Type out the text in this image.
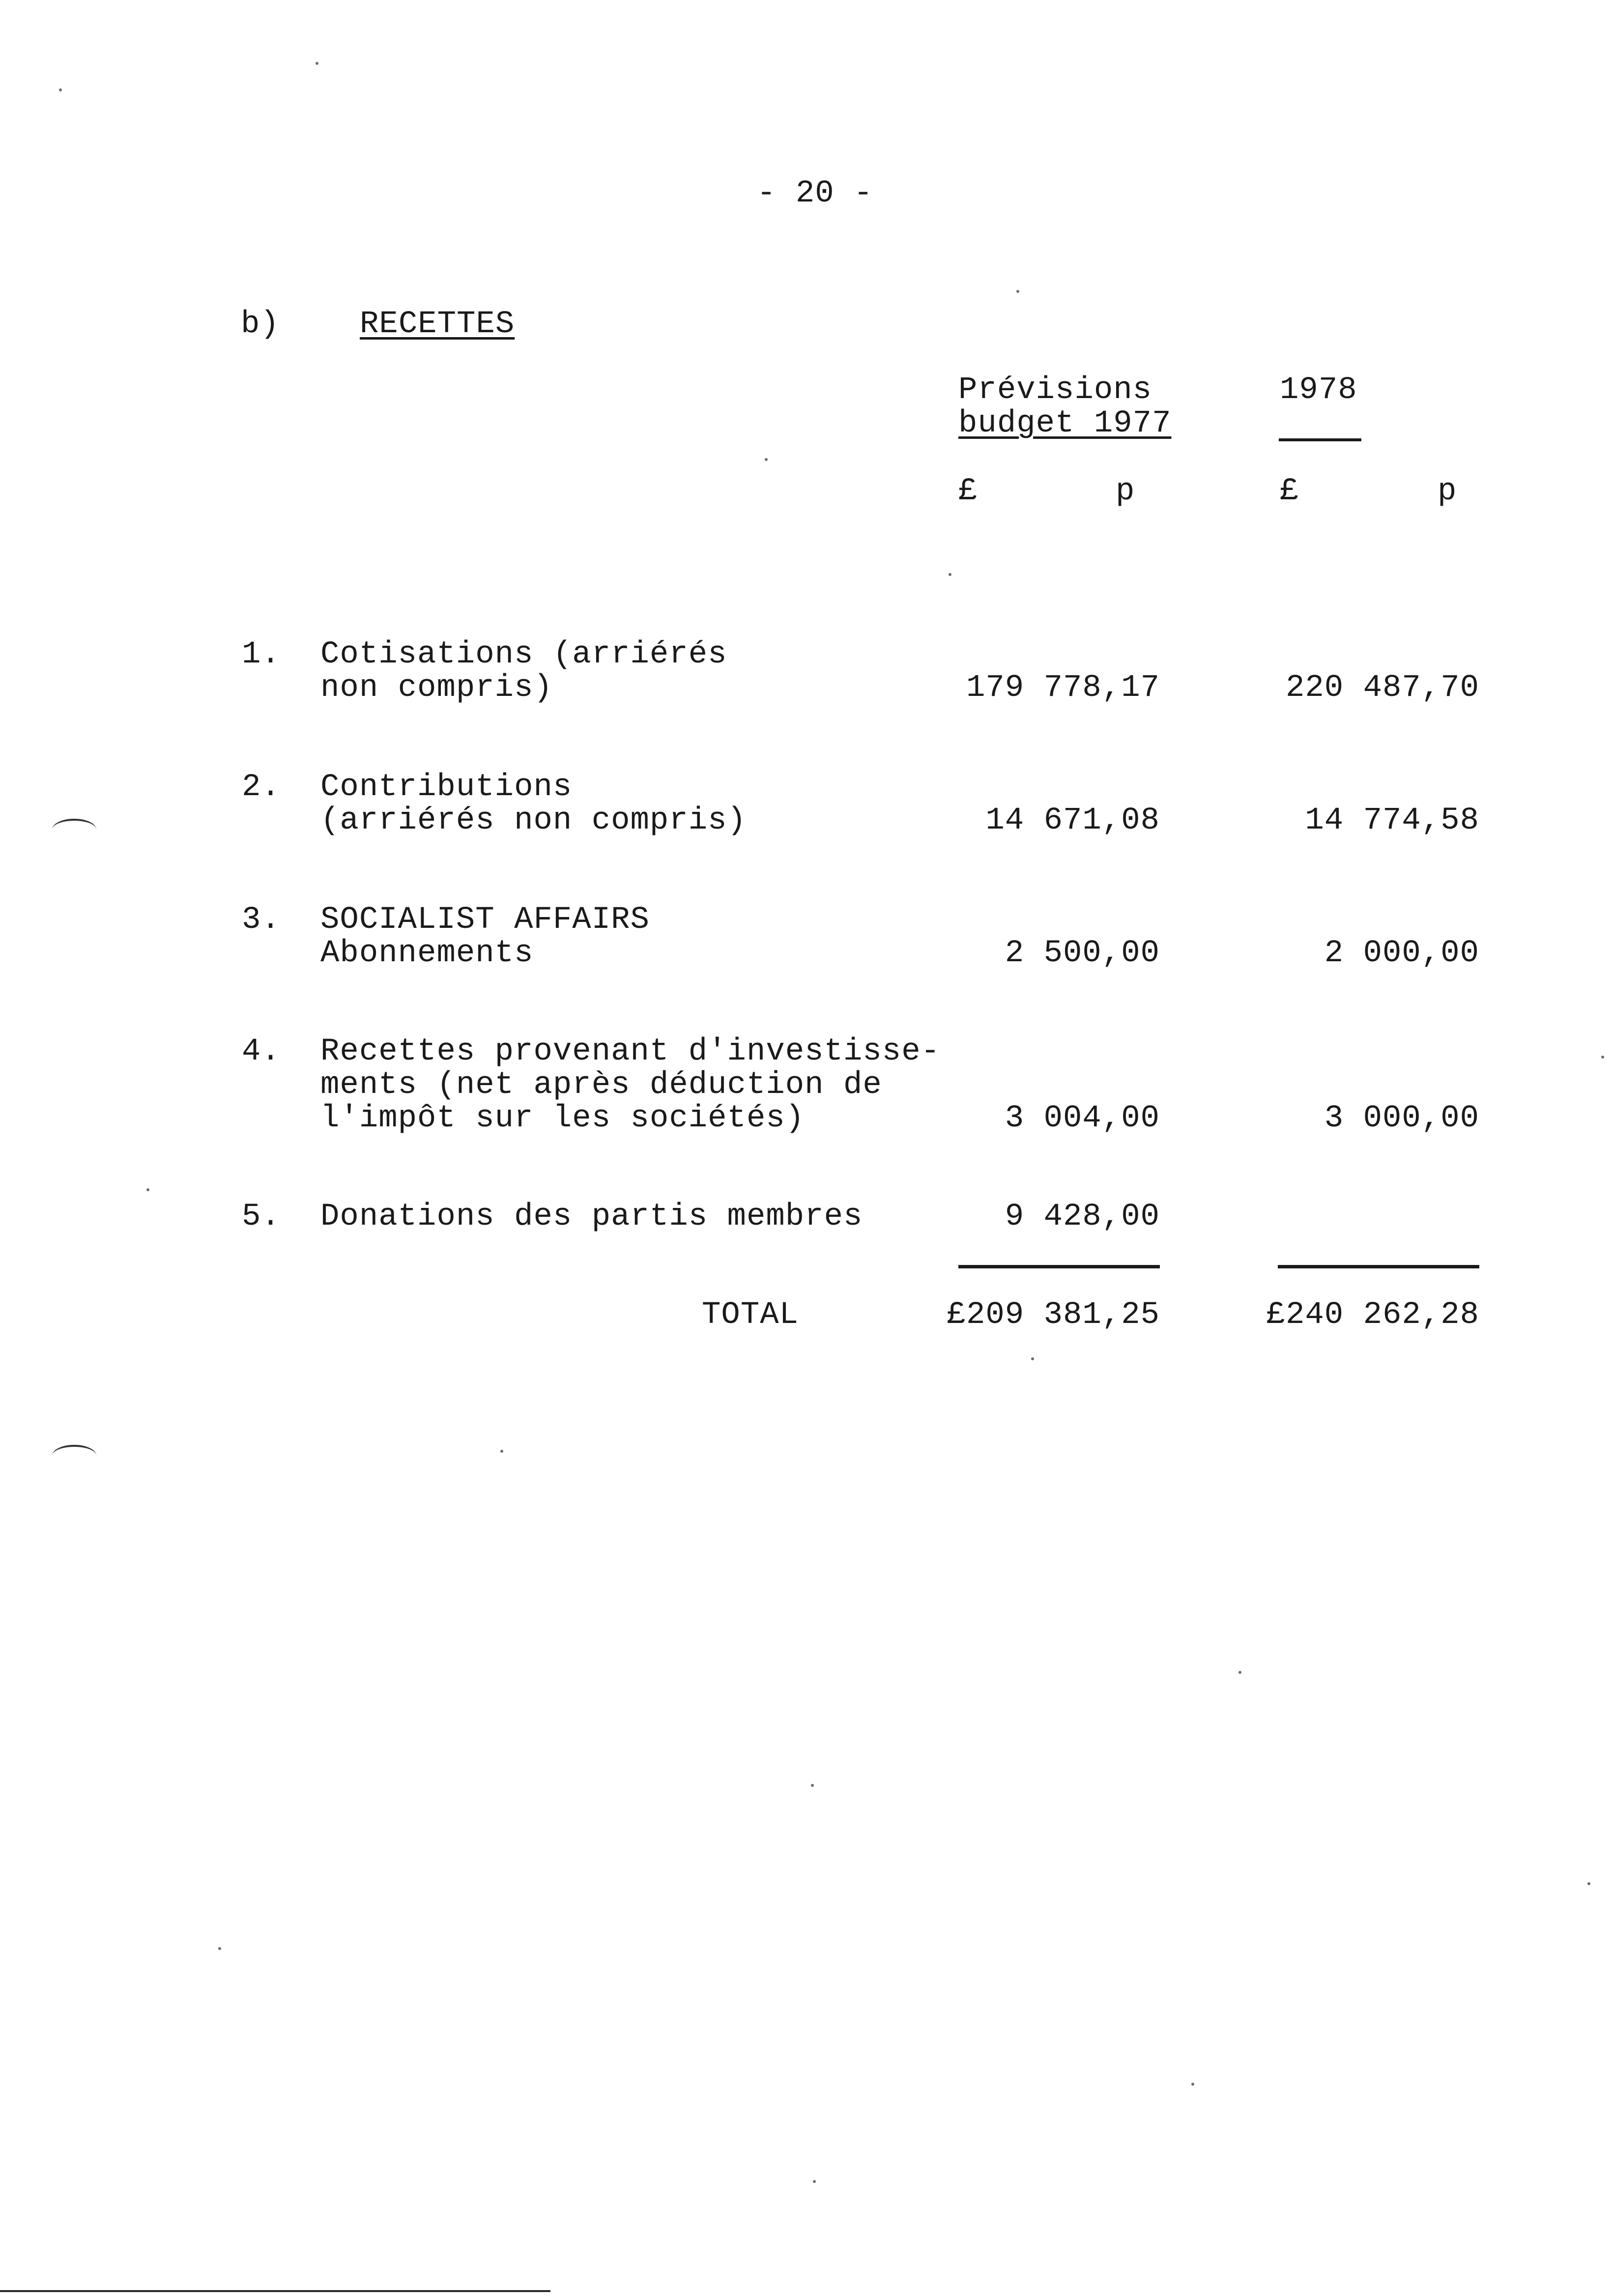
- 20 -
b)	RECETTES
Prévisions
budget 1977
1978
£	p	£	p
1. Cotisations (arriérés
non compris)	179 778,17	220 487,70
2. Contributions
(arriérés non compris)	14 671,08	14 774,58
3. SOCIALIST AFFAIRS
Abonnements	2 500,00	2 000,00
4. Recettes provenant d'investisse-
ments (net après déduction de
l'impôt sur les sociétés)	3 004,00	3 000,00
5. Donations des partis membres	9 428,00
TOTAL	£209 381,25	£240 262,28
